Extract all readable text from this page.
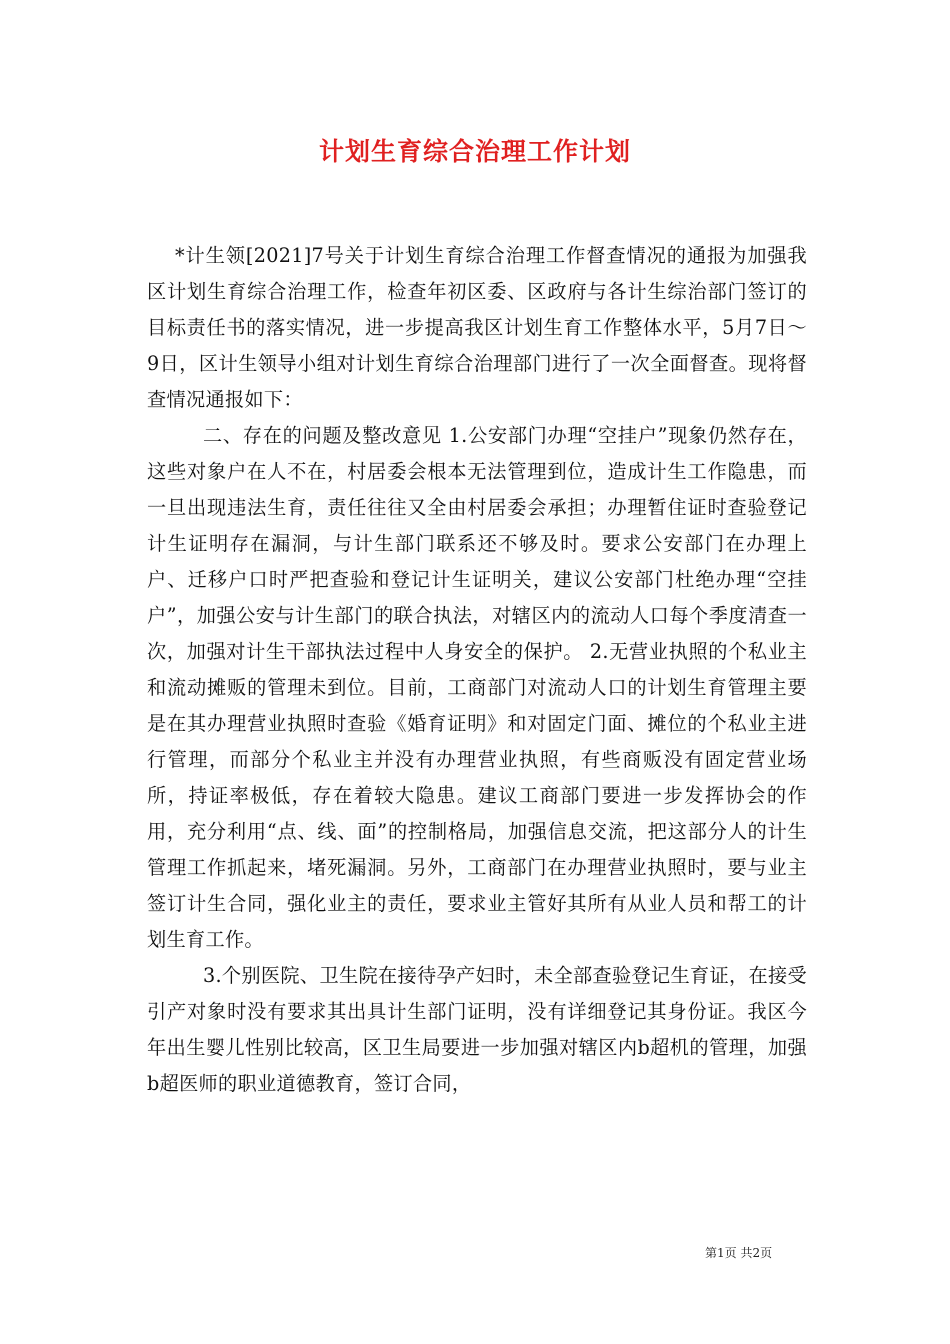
计划生育综合治理工作计划

*计生领[2021]7号关于计划生育综合治理工作督查情况的通报为加强我区计划生育综合治理工作，检查年初区委、区政府与各计生综治部门签订的目标责任书的落实情况，进一步提高我区计划生育工作整体水平，5月7日～9日，区计生领导小组对计划生育综合治理部门进行了一次全面督查。现将督查情况通报如下：

二、存在的问题及整改意见 1.公安部门办理“空挂户”现象仍然存在，这些对象户在人不在，村居委会根本无法管理到位，造成计生工作隐患，而一旦出现违法生育，责任往往又全由村居委会承担；办理暂住证时查验登记计生证明存在漏洞，与计生部门联系还不够及时。要求公安部门在办理上户、迁移户口时严把查验和登记计生证明关，建议公安部门杜绝办理“空挂户”，加强公安与计生部门的联合执法，对辖区内的流动人口每个季度清查一次，加强对计生干部执法过程中人身安全的保护。 2.无营业执照的个私业主和流动摊贩的管理未到位。目前，工商部门对流动人口的计划生育管理主要是在其办理营业执照时查验《婚育证明》和对固定门面、摊位的个私业主进行管理，而部分个私业主并没有办理营业执照，有些商贩没有固定营业场所，持证率极低，存在着较大隐患。建议工商部门要进一步发挥协会的作用，充分利用“点、线、面”的控制格局，加强信息交流，把这部分人的计生管理工作抓起来，堵死漏洞。另外，工商部门在办理营业执照时，要与业主签订计生合同，强化业主的责任，要求业主管好其所有从业人员和帮工的计划生育工作。

3.个别医院、卫生院在接待孕产妇时，未全部查验登记生育证，在接受引产对象时没有要求其出具计生部门证明，没有详细登记其身份证。我区今年出生婴儿性别比较高，区卫生局要进一步加强对辖区内b超机的管理，加强b超医师的职业道德教育，签订合同，

第1页 共2页
